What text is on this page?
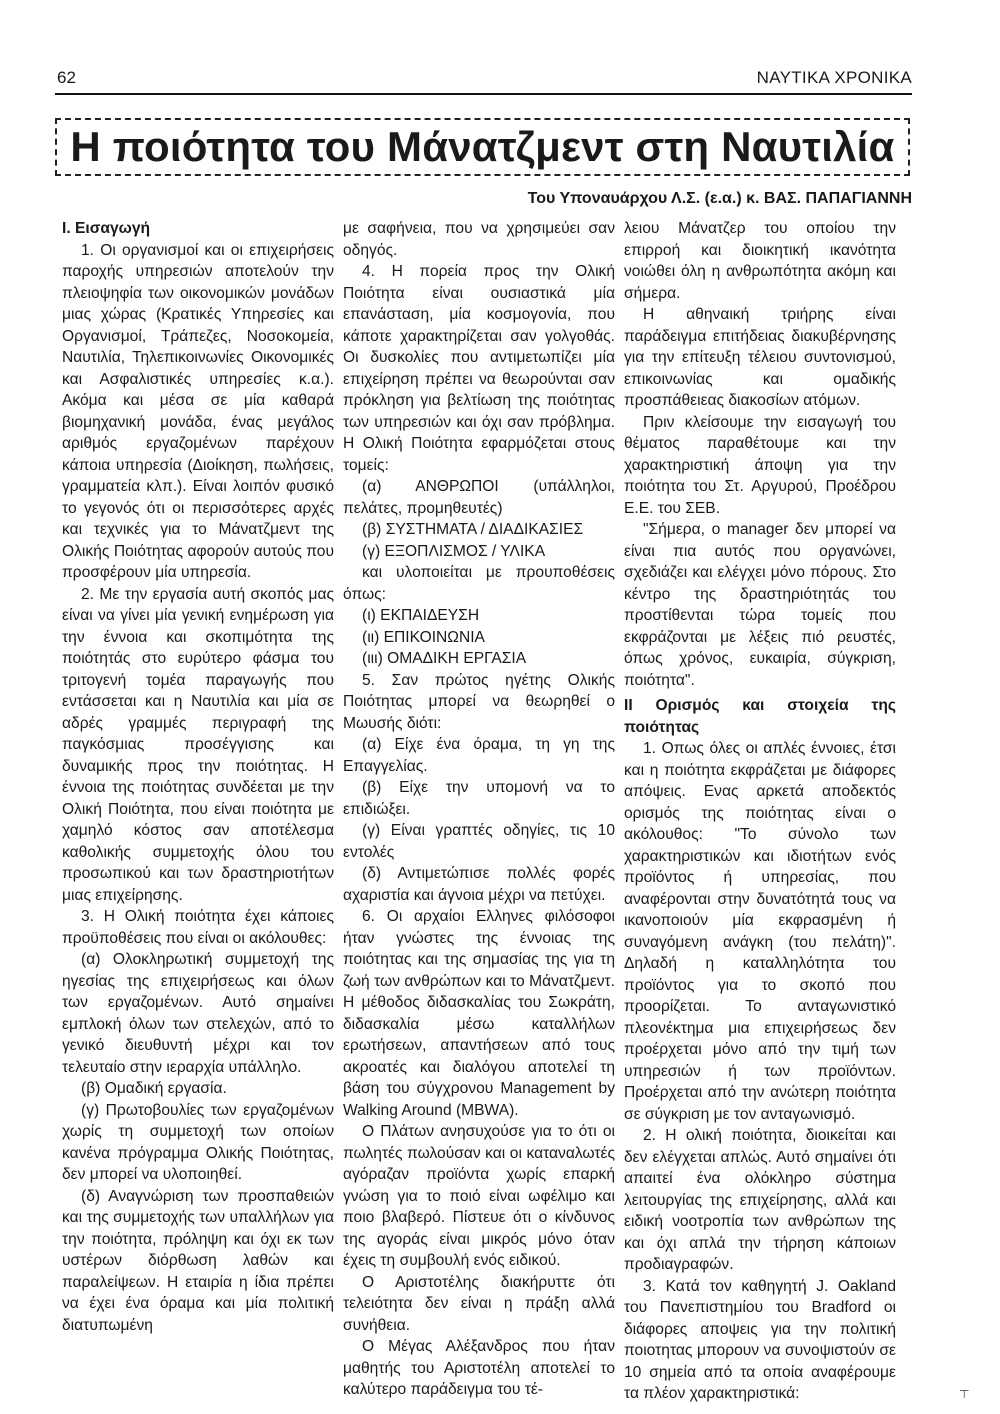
62	ΝΑΥΤΙΚΑ ΧΡΟΝΙΚΑ
Η ποιότητα του Μάνατζμεντ στη Ναυτιλία
Του Υποναυάρχου Λ.Σ. (ε.α.) κ. ΒΑΣ. ΠΑΠΑΓΙΑΝΝΗ
Ι. Εισαγωγή

1. Οι οργανισμοί και οι επιχειρήσεις παροχής υπηρεσιών αποτελούν την πλειοψηφία των οικονομικών μονάδων μιας χώρας (Κρατικές Υπηρεσίες και Οργανισμοί, Τράπεζες, Νοσοκομεία, Ναυτιλία, Τηλεπικοινωνίες Οικονομικές και Ασφαλιστικές υπηρεσίες κ.α.). Ακόμα και μέσα σε μία καθαρά βιομηχανική μονάδα, ένας μεγάλος αριθμός εργαζομένων παρέχουν κάποια υπηρεσία (Διοίκηση, πωλήσεις, γραμματεία κλπ.). Είναι λοιπόν φυσικό το γεγονός ότι οι περισσότερες αρχές και τεχνικές για το Μάνατζμεντ της Ολικής Ποιότητας αφορούν αυτούς που προσφέρουν μία υπηρεσία.

2. Με την εργασία αυτή σκοπός μας είναι να γίνει μία γενική ενημέρωση για την έννοια και σκοπιμότητα της ποιότητάς στο ευρύτερο φάσμα του τριτογενή τομέα παραγωγής που εντάσσεται και η Ναυτιλία και μία σε αδρές γραμμές περιγραφή της παγκόσμιας προσέγγισης και δυναμικής προς την ποιότητας. Η έννοια της ποιότητας συνδέεται με την Ολική Ποιότητα, που είναι ποιότητα με χαμηλό κόστος σαν αποτέλεσμα καθολικής συμμετοχής όλου του προσωπικού και των δραστηριοτήτων μιας επιχείρησης.

3. Η Ολική ποιότητα έχει κάποιες προϋποθέσεις που είναι οι ακόλουθες:

(α) Ολοκληρωτική συμμετοχή της ηγεσίας της επιχειρήσεως και όλων των εργαζομένων. Αυτό σημαίνει εμπλοκή όλων των στελεχών, από το γενικό διευθυντή μέχρι και τον τελευταίο στην ιεραρχία υπάλληλο.

(β) Ομαδική εργασία.

(γ) Πρωτοβουλίες των εργαζομένων χωρίς τη συμμετοχή των οποίων κανένα πρόγραμμα Ολικής Ποιότητας, δεν μπορεί να υλοποιηθεί.

(δ) Αναγνώριση των προσπαθειών και της συμμετοχής των υπαλλήλων για την ποιότητα, πρόληψη και όχι εκ των υστέρων διόρθωση λαθών και παραλείψεων. Η εταιρία η ίδια πρέπει να έχει ένα όραμα και μία πολιτική διατυπωμένη

με σαφήνεια, που να χρησιμεύει σαν οδηγός.

4. Η πορεία προς την Ολική Ποιότητα είναι ουσιαστικά μία επανάσταση, μία κοσμογονία, που κάποτε χαρακτηρίζεται σαν γολγοθάς. Οι δυσκολίες που αντιμετωπίζει μία επιχείρηση πρέπει να θεωρούνται σαν πρόκληση για βελτίωση της ποιότητας των υπηρεσιών και όχι σαν πρόβλημα. Η Ολική Ποιότητα εφαρμόζεται στους τομείς:

(α) ΑΝΘΡΩΠΟΙ (υπάλληλοι, πελάτες, προμηθευτές)

(β) ΣΥΣΤΗΜΑΤΑ / ΔΙΑΔΙΚΑΣΙΕΣ

(γ) ΕΞΟΠΛΙΣΜΟΣ / ΥΛΙΚΑ

και υλοποιείται με προυποθέσεις όπως:

(ι) ΕΚΠΑΙΔΕΥΣΗ

(ιι) ΕΠΙΚΟΙΝΩΝΙΑ

(ιιι) ΟΜΑΔΙΚΗ ΕΡΓΑΣΙΑ

5. Σαν πρώτος ηγέτης Ολικής Ποιότητας μπορεί να θεωρηθεί ο Μωυσής διότι:

(α) Είχε ένα όραμα, τη γη της Επαγγελίας.

(β) Είχε την υπομονή να το επιδιώξει.

(γ) Είναι γραπτές οδηγίες, τις 10 εντολές

(δ) Αντιμετώπισε πολλές φορές αχαριστία και άγνοια μέχρι να πετύχει.

6. Οι αρχαίοι Ελληνες φιλόσοφοι ήταν γνώστες της έννοιας της ποιότητας και της σημασίας της για τη ζωή των ανθρώπων και το Μάνατζμεντ. Η μέθοδος διδασκαλίας του Σωκράτη, διδασκαλία μέσω καταλλήλων ερωτήσεων, απαντήσεων από τους ακροατές και διαλόγου αποτελεί τη βάση του σύγχρονου Management by Walking Around (MBWA).

Ο Πλάτων ανησυχούσε για το ότι οι πωλητές πωλούσαν και οι καταναλωτές αγόραζαν προϊόντα χωρίς επαρκή γνώση για το ποιό είναι ωφέλιμο και ποιο βλαβερό. Πίστευε ότι ο κίνδυνος της αγοράς είναι μικρός μόνο όταν έχεις τη συμβουλή ενός ειδικού.

Ο Αριστοτέλης διακήρυττε ότι τελειότητα δεν είναι η πράξη αλλά συνήθεια.

Ο Μέγας Αλέξανδρος που ήταν μαθητής του Αριστοτέλη αποτελεί το καλύτερο παράδειγμα του τέ-

λειου Μάνατζερ του οποίου την επιρροή και διοικητική ικανότητα νοιώθει όλη η ανθρωπότητα ακόμη και σήμερα.

Η αθηναική τριήρης είναι παράδειγμα επιτήδειας διακυβέρνησης για την επίτευξη τέλειου συντονισμού, επικοινωνίας και ομαδικής προσπάθειεας διακοσίων ατόμων.

Πριν κλείσουμε την εισαγωγή του θέματος παραθέτουμε και την χαρακτηριστική άποψη για την ποιότητα του Στ. Αργυρού, Προέδρου Ε.Ε. του ΣΕΒ.

"Σήμερα, ο manager δεν μπορεί να είναι πια αυτός που οργανώνει, σχεδιάζει και ελέγχει μόνο πόρους. Στο κέντρο της δραστηριότητάς του προστίθενται τώρα τομείς που εκφράζονται με λέξεις πιό ρευστές, όπως χρόνος, ευκαιρία, σύγκριση, ποιότητα".

ΙΙ Ορισμός και στοιχεία της ποιότητας

1. Οπως όλες οι απλές έννοιες, έτσι και η ποιότητα εκφράζεται με διάφορες απόψεις. Ενας αρκετά αποδεκτός ορισμός της ποιότητας είναι ο ακόλουθος: "Το σύνολο των χαρακτηριστικών και ιδιοτήτων ενός προϊόντος ή υπηρεσίας, που αναφέρονται στην δυνατότητά τους να ικανοποιούν μία εκφρασμένη ή συναγόμενη ανάγκη (του πελάτη)". Δηλαδή η καταλληλότητα του προϊόντος για το σκοπό που προορίζεται. Το ανταγωνιστικό πλεονέκτημα μια επιχειρήσεως δεν προέρχεται μόνο από την τιμή των υπηρεσιών ή των προϊόντων. Προέρχεται από την ανώτερη ποιότητα σε σύγκριση με τον ανταγωνισμό.

2. Η ολική ποιότητα, διοικείται και δεν ελέγχεται απλώς. Αυτό σημαίνει ότι απαιτεί ένα ολόκληρο σύστημα λειτουργίας της επιχείρησης, αλλά και ειδική νοοτροπία των ανθρώπων της και όχι απλά την τήρηση κάποιων προδιαγραφών.

3. Κατά τον καθηγητή J. Oakland του Πανεπιστημίου του Bradford οι διάφορες αποψεις για την πολιτική ποιοτητας μπορουν να συνοψιστούν σε 10 σημεία από τα οποία αναφέρουμε τα πλέον χαρακτηριστικά:	┬
